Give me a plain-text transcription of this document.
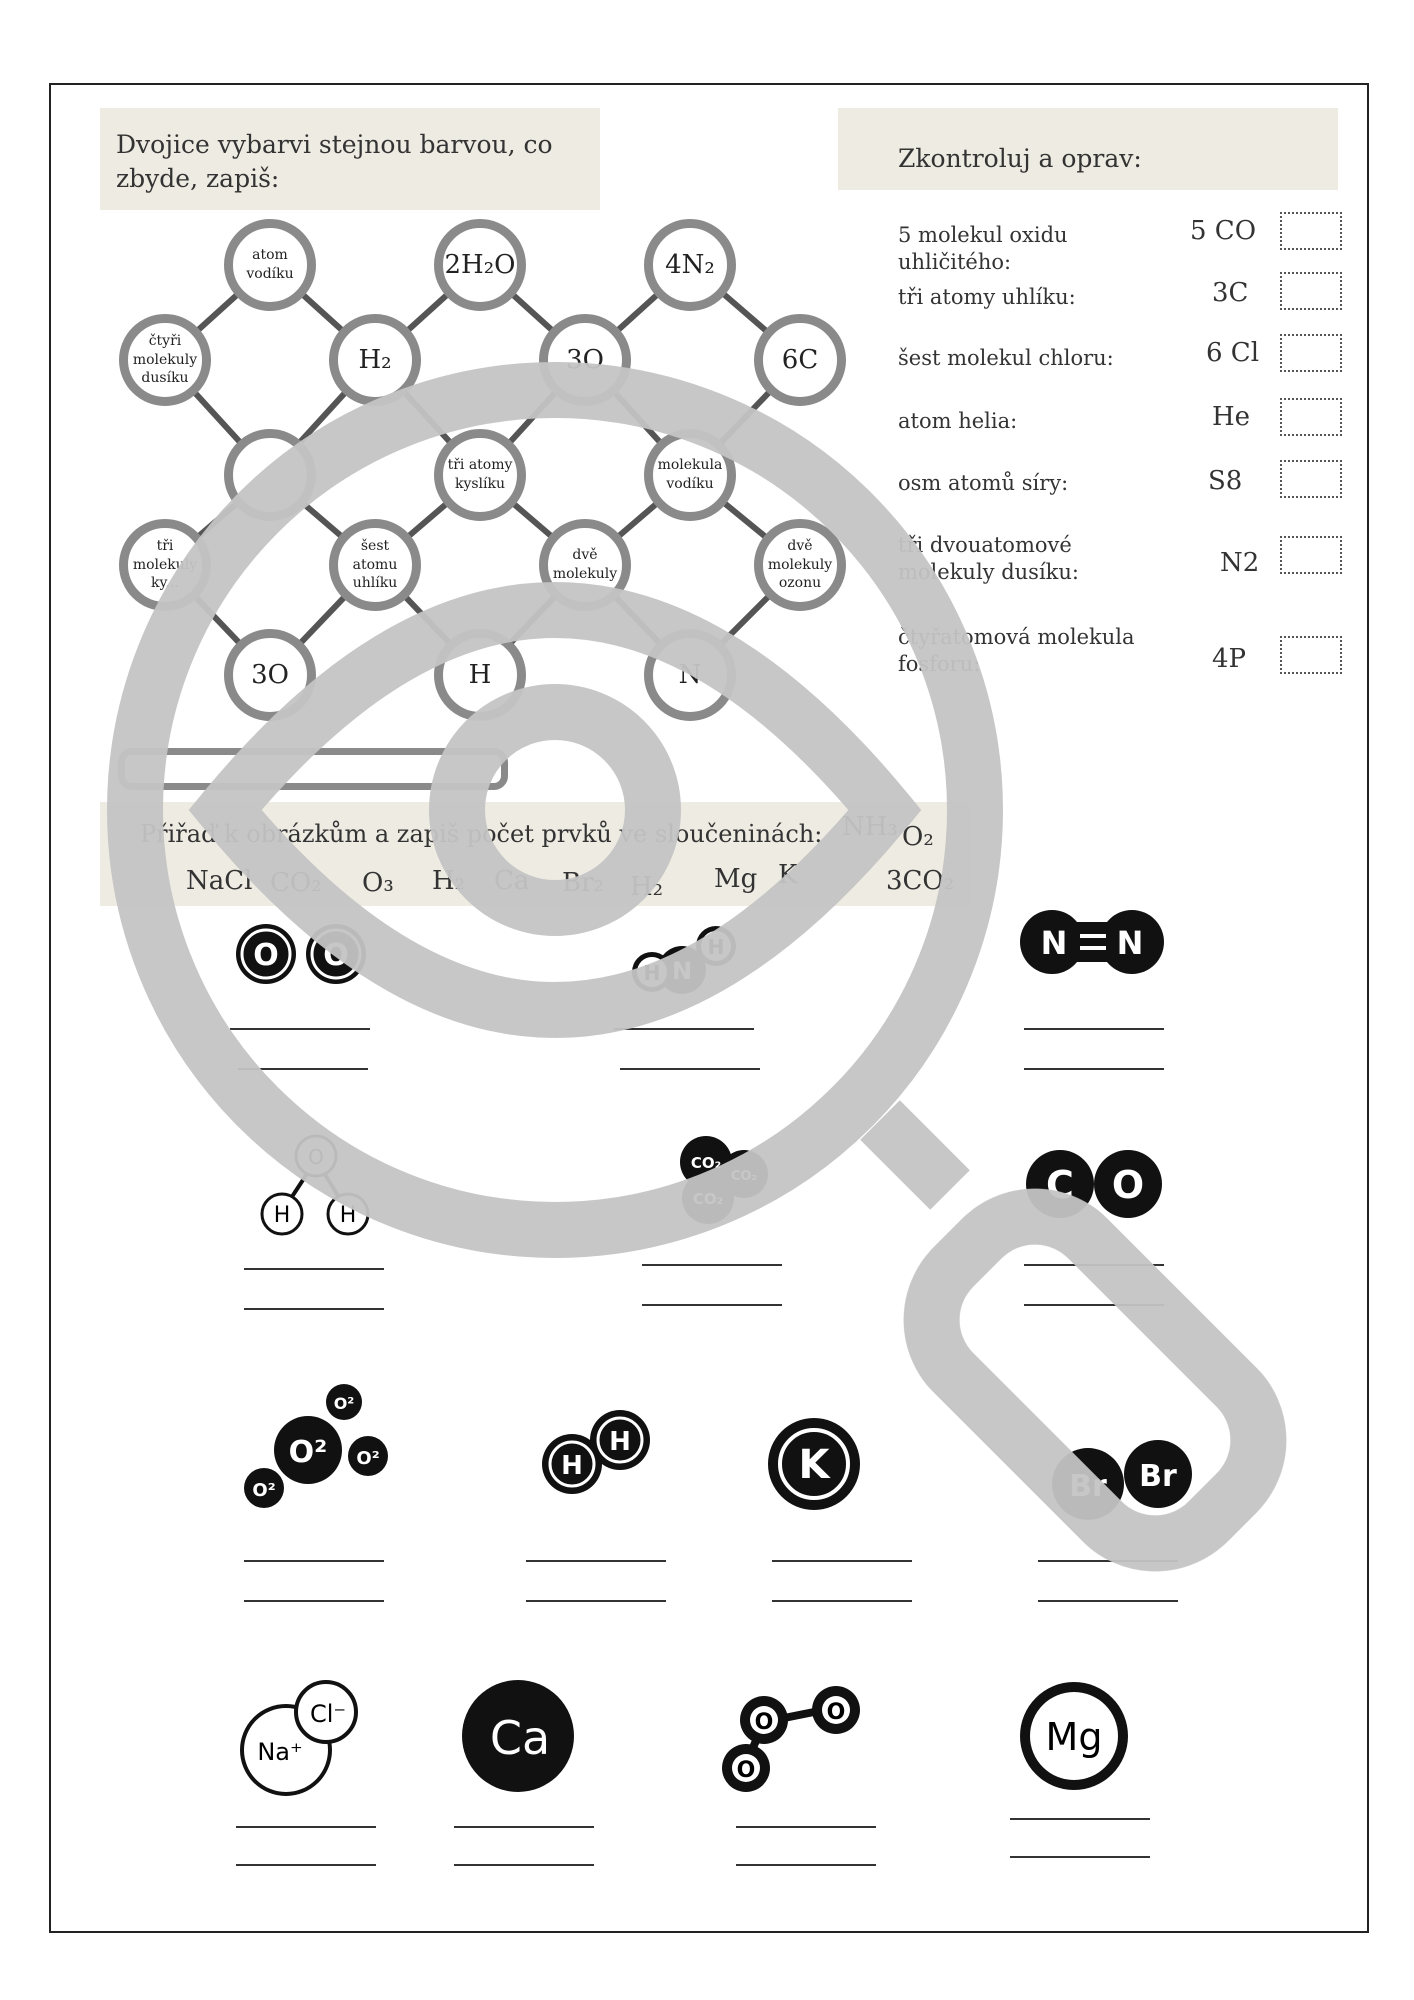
Dvojice vybarvi stejnou barvou, co zbyde, zapiš:
Zkontroluj a oprav:
atom vodíku	2H₂O	4N₂
čtyři molekuly dusíku
H₂	3O	6C
tři atomy kyslíku
molekula vodíku
tři molekuly ky...
šest atomu uhlíku
dvě molekuly
dvě molekuly ozonu
3O	H	N
5 molekul oxidu uhličitého:
5 CO
tři atomy uhlíku:	3C
šest molekul chloru:	6 Cl
atom helia:	He
osm atomů síry:	S8
tři dvouatomové molekuly dusíku:	N2
čtyřatomová molekula fosforu:	4P
Přiřaď k obrázkům a zapiš počet prvků ve sloučeninách: NH₃ O₂
NaCl CO₂ O₃ H₂ Ca Br₂ H₂ Mg K	3CO₂
O O	H N
H	N N
O
H H
CO₂
CO₂
CO₂	C O
O²
O²
O²
O²
H
H	K	Br Br
Na⁺
Cl⁻	Ca	O O
O
Mg
